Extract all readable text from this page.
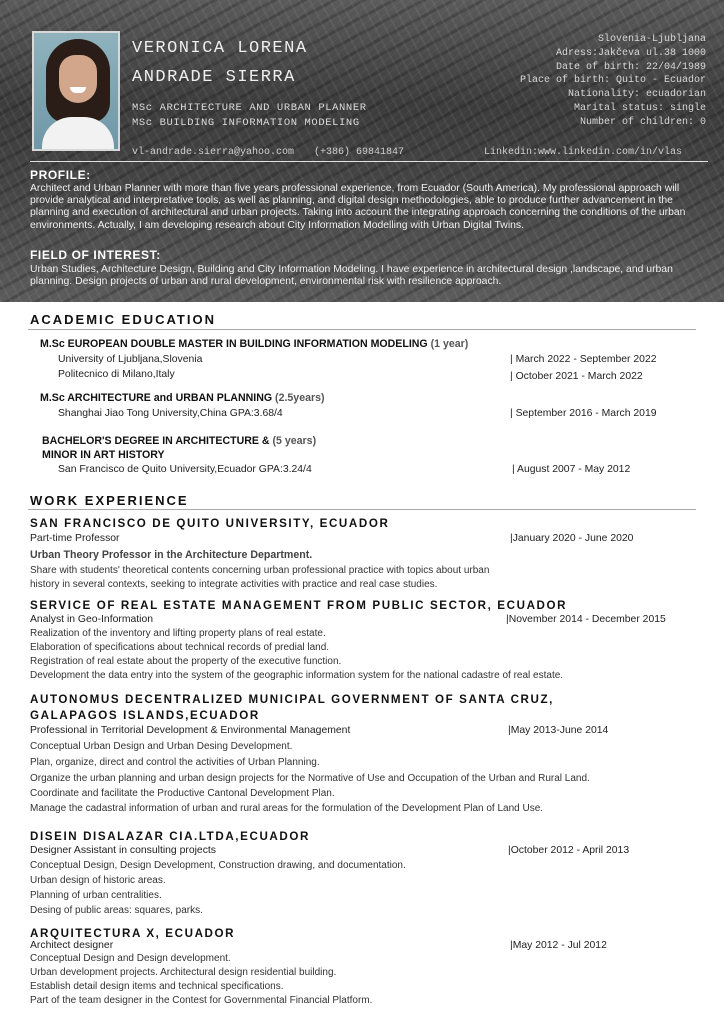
VERONICA LORENA
ANDRADE SIERRA
MSc ARCHITECTURE AND URBAN PLANNER
MSc BUILDING INFORMATION MODELING
Slovenia-Ljubljana
Adress:Jakčeva ul.38 1000
Date of birth: 22/04/1989
Place of birth: Quito - Ecuador
Nationality: ecuadorian
Marital status: single
Number of children: 0
vl-andrade.sierra@yahoo.com (+386) 69841847	Linkedin:www.linkedin.com/in/vlas
PROFILE:
Architect and Urban Planner with more than five years professional experience, from Ecuador (South America). My professional approach will provide analytical and interpretative tools, as well as planning, and digital design methodologies, able to produce further advancement in the planning and execution of architectural and urban projects. Taking into account the integrating approach concerning the conditions of the urban environments. Actually, I am developing research about City Information Modelling with Urban Digital Twins.
FIELD OF INTEREST:
Urban Studies, Architecture Design, Building and City Information Modeling. I have experience in architectural design ,landscape, and urban planning. Design projects of urban and rural development, environmental risk with resilience approach.
ACADEMIC EDUCATION
M.Sc EUROPEAN DOUBLE MASTER IN BUILDING INFORMATION MODELING (1 year)
University of Ljubljana,Slovenia	| March 2022 - September 2022
Politecnico di Milano,Italy	| October 2021 - March 2022
M.Sc ARCHITECTURE and URBAN PLANNING (2.5years)
Shanghai Jiao Tong University,China GPA:3.68/4	| September 2016 - March 2019
BACHELOR'S DEGREE IN ARCHITECTURE & (5 years)
MINOR IN ART HISTORY
San Francisco de Quito University,Ecuador GPA:3.24/4	| August 2007 - May 2012
WORK EXPERIENCE
SAN FRANCISCO DE QUITO UNIVERSITY, ECUADOR
Part-time Professor	|January 2020 - June 2020
Urban Theory Professor in the Architecture Department.
Share with students' theoretical contents concerning urban professional practice with topics about urban
history in several contexts, seeking to integrate activities with practice and real case studies.
SERVICE OF REAL ESTATE MANAGEMENT FROM PUBLIC SECTOR, ECUADOR
Analyst in Geo-Information	|November 2014 - December 2015
Realization of the inventory and lifting property plans of real estate.
Elaboration of specifications about technical records of predial land.
Registration of real estate about the property of the executive function.
Development the data entry into the system of the geographic information system for the national cadastre of real estate.
AUTONOMUS DECENTRALIZED MUNICIPAL GOVERNMENT OF SANTA CRUZ,
GALAPAGOS ISLANDS,ECUADOR
Professional in Territorial Development & Environmental Management	|May 2013-June 2014
Conceptual Urban Design and Urban Desing Development.
Plan, organize, direct and control the activities of Urban Planning.
Organize the urban planning and urban design projects for the Normative of Use and Occupation of the Urban and Rural Land.
Coordinate and facilitate the Productive Cantonal Development Plan.
Manage the cadastral information of urban and rural areas for the formulation of the Development Plan of Land Use.
DISEIN DISALAZAR CIA.LTDA,ECUADOR
Designer Assistant in consulting projects	|October 2012 - April 2013
Conceptual Design, Design Development, Construction drawing, and documentation.
Urban design of historic areas.
Planning of urban centralities.
Desing of public areas: squares, parks.
ARQUITECTURA X, ECUADOR
Architect designer	|May 2012 - Jul 2012
Conceptual Design and Design development.
Urban development projects. Architectural design residential building.
Establish detail design items and technical specifications.
Part of the team designer in the Contest for Governmental Financial Platform.
